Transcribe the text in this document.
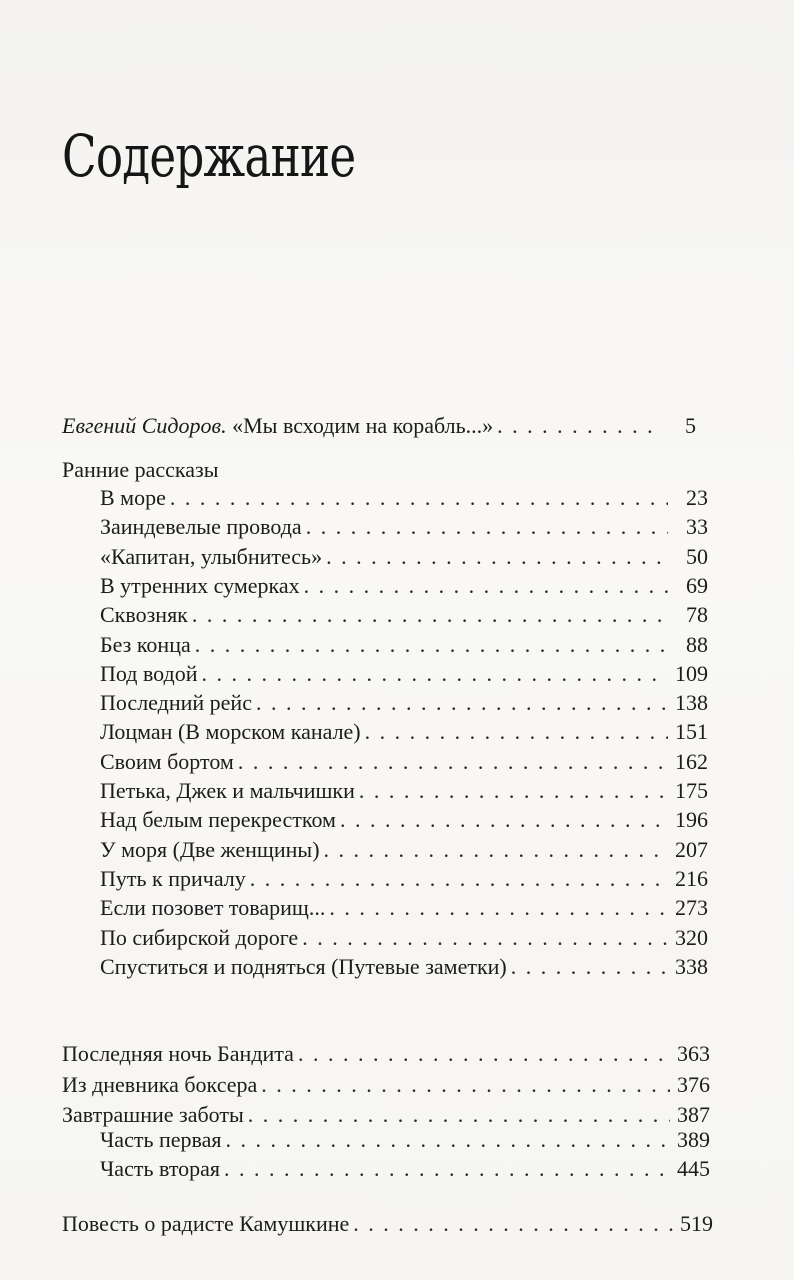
Содержание
Евгений Сидоров. «Мы всходим на корабль...» . . .	5
Ранние рассказы
В море . . .	23
Заиндевелые провода . . .	33
«Капитан, улыбнитесь» . . .	50
В утренних сумерках . . .	69
Сквозняк . . .	78
Без конца . . .	88
Под водой . . .	109
Последний рейс . . .	138
Лоцман (В морском канале) . . .	151
Своим бортом . . .	162
Петька, Джек и мальчишки . . .	175
Над белым перекрестком . . .	196
У моря (Две женщины) . . .	207
Путь к причалу . . .	216
Если позовет товарищ... . . .	273
По сибирской дороге . . .	320
Спуститься и подняться (Путевые заметки) . . .	338
Последняя ночь Бандита . . .	363
Из дневника боксера . . .	376
Завтрашние заботы . . .	387
Часть первая . . .	389
Часть вторая . . .	445
Повесть о радисте Камушкине . . .	519
